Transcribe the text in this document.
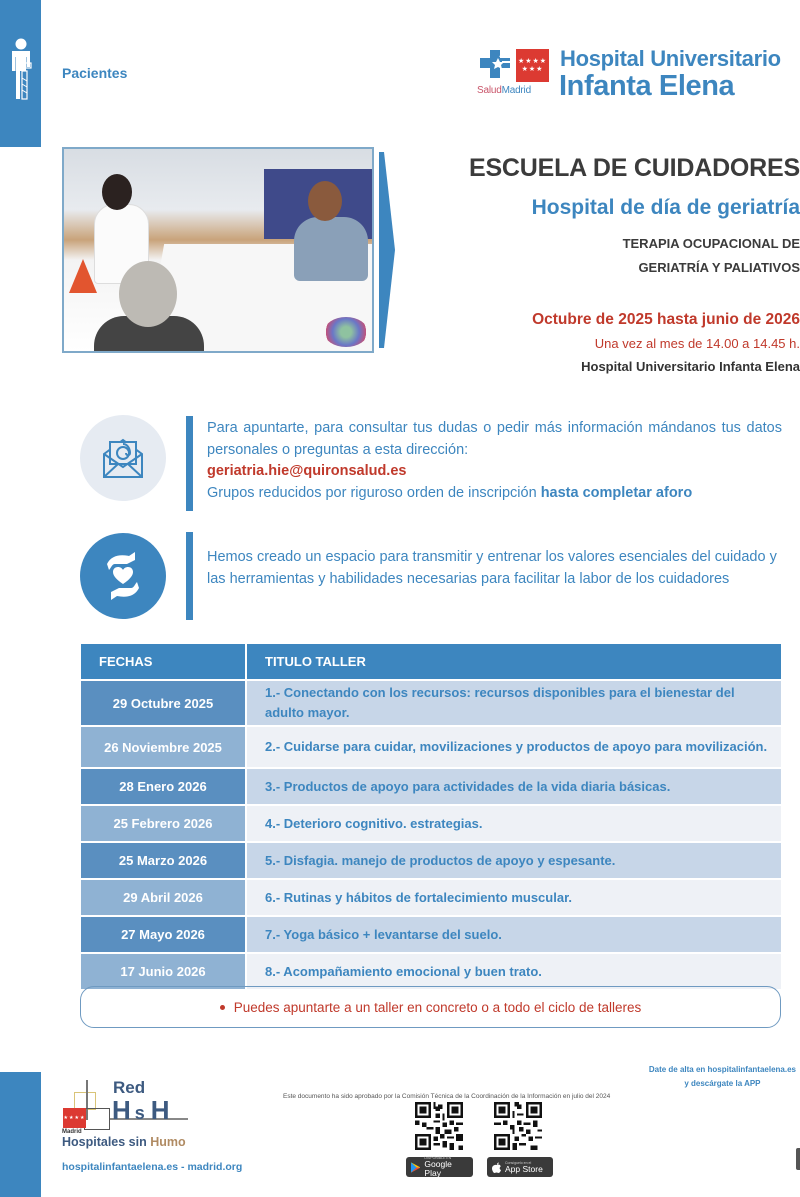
Pacientes
★★★★ ★★★
SaludMadrid
Hospital Universitario
Infanta Elena
ESCUELA DE CUIDADORES
Hospital de día de geriatría
TERAPIA OCUPACIONAL DE
GERIATRÍA Y PALIATIVOS
Octubre de 2025 hasta junio de 2026
Una vez al mes de 14.00 a 14.45 h.
Hospital Universitario Infanta Elena
Para apuntarte, para consultar tus dudas o pedir más información mándanos tus datos personales o preguntas a esta dirección:
geriatria.hie@quironsalud.es
Grupos reducidos por riguroso orden de inscripción hasta completar aforo
Hemos creado un espacio para transmitir y entrenar los valores esenciales del cuidado y las herramientas y habilidades necesarias para facilitar la labor de los cuidadores
FECHAS	TITULO TALLER
29 Octubre 2025	1.- Conectando con los recursos: recursos disponibles para el bienestar del adulto mayor.
26 Noviembre 2025	2.- Cuidarse para cuidar, movilizaciones y productos de apoyo para movilización.
28 Enero 2026	3.- Productos de apoyo para actividades de la vida diaria básicas.
25 Febrero 2026	4.- Deterioro cognitivo. estrategias.
25 Marzo 2026	5.- Disfagia. manejo de productos de apoyo y espesante.
29 Abril 2026	6.- Rutinas y hábitos de fortalecimiento muscular.
27 Mayo 2026	7.- Yoga básico + levantarse del suelo.
17 Junio 2026	8.- Acompañamiento emocional y buen trato.
Puedes apuntarte a un taller en concreto o a todo el ciclo de talleres
★★★★
Red
HsH
Madrid
Hospitales sin Humo
hospitalinfantaelena.es - madrid.org
Este documento ha sido aprobado por la Comisión Técnica de la Coordinación de la Información en julio del 2024
Date de alta en hospitalinfantaelena.es
y descárgate la APP
DISPONIBLE EN
Google Play
Consíguelo en el
App Store
